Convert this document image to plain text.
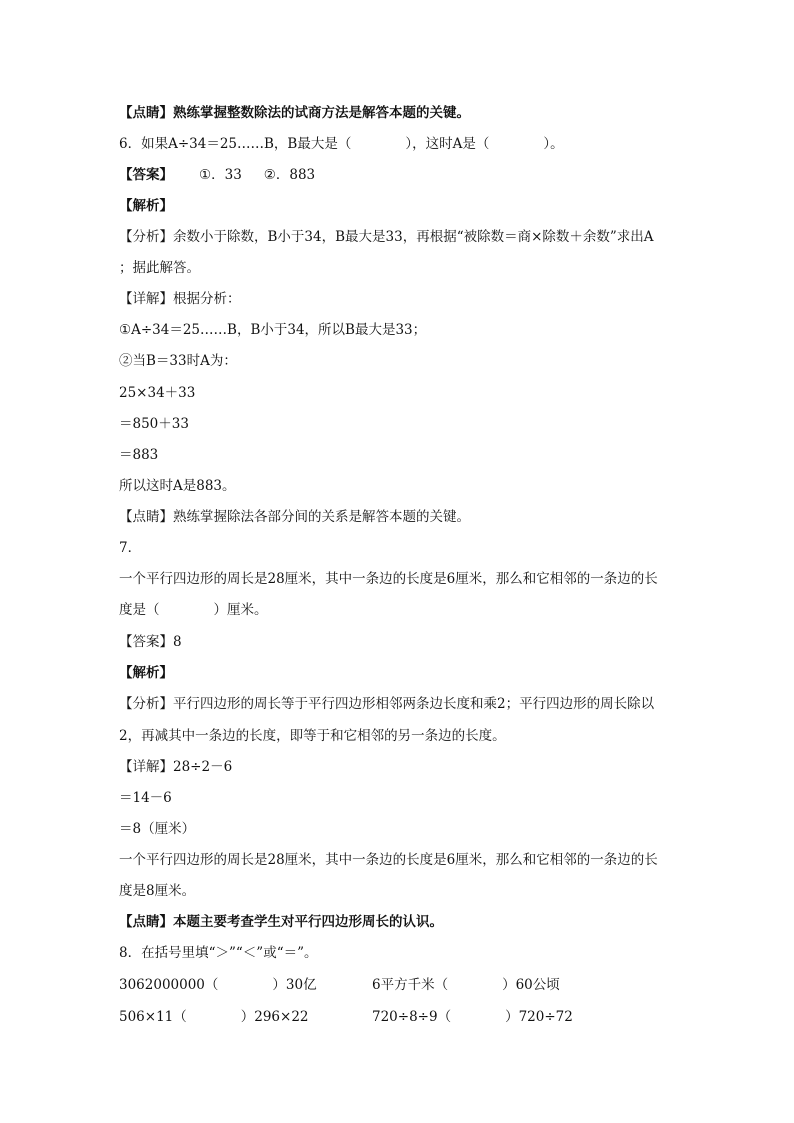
【点睛】熟练掌握整数除法的试商方法是解答本题的关键。
6．如果A÷34＝25……B，B最大是（　　　　），这时A是（　　　　）。
【答案】 ①．33 ②．883
【解析】
【分析】余数小于除数，B小于34，B最大是33，再根据“被除数＝商×除数＋余数”求出A
；据此解答。
【详解】根据分析：
①A÷34＝25……B，B小于34，所以B最大是33；
②当B＝33时A为：
25×34＋33
＝850＋33
＝883
所以这时A是883。
【点睛】熟练掌握除法各部分间的关系是解答本题的关键。
7．
一个平行四边形的周长是28厘米，其中一条边的长度是6厘米，那么和它相邻的一条边的长
度是（　　　　）厘米。
【答案】8
【解析】
【分析】平行四边形的周长等于平行四边形相邻两条边长度和乘2；平行四边形的周长除以
2，再减其中一条边的长度，即等于和它相邻的另一条边的长度。
【详解】28÷2－6
＝14－6
＝8（厘米）
一个平行四边形的周长是28厘米，其中一条边的长度是6厘米，那么和它相邻的一条边的长
度是8厘米。
【点睛】本题主要考查学生对平行四边形周长的认识。
8．在括号里填“＞”“＜”或“＝”。
3062000000（　　　　）30亿	6平方千米（　　　　）60公顷
506×11（　　　　）296×22	720÷8÷9（　　　　）720÷72
